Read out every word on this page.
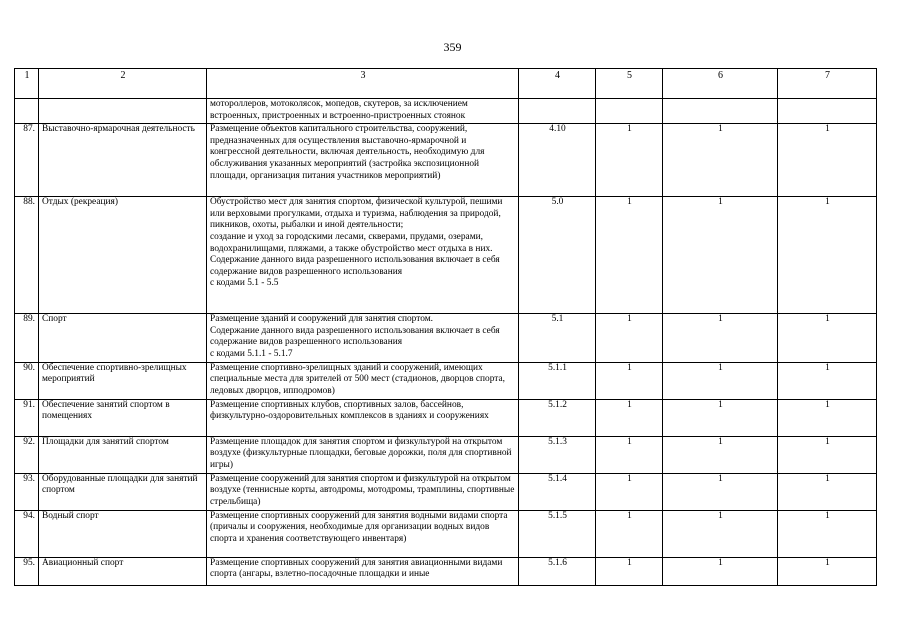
359
1	2	3	4	5	6	7

		мотороллеров, мотоколясок, мопедов, скутеров, за исключением встроенных, пристроенных и встроенно-пристроенных стоянок				

87.	Выставочно-ярмарочная деятельность	Размещение объектов капитального строительства, сооружений, предназначенных для осуществления выставочно-ярмарочной и конгрессной деятельности, включая деятельность, необходимую для обслуживания указанных мероприятий (застройка экспозиционной площади, организация питания участников мероприятий)	4.10	1	1	1
88.	Отдых (рекреация)	Обустройство мест для занятия спортом, физической культурой, пешими или верховыми прогулками, отдыха и туризма, наблюдения за природой, пикников, охоты, рыбалки и иной деятельности;
создание и уход за городскими лесами, скверами, прудами, озерами, водохранилищами, пляжами, а также обустройство мест отдыха в них.
Содержание данного вида разрешенного использования включает в себя содержание видов разрешенного использования
с кодами 5.1 - 5.5	5.0	1	1	1
89.	Спорт	Размещение зданий и сооружений для занятия спортом.
Содержание данного вида разрешенного использования включает в себя содержание видов разрешенного использования
с кодами 5.1.1 - 5.1.7	5.1	1	1	1
90.	Обеспечение спортивно-зрелищных мероприятий	Размещение спортивно-зрелищных зданий и сооружений, имеющих специальные места для зрителей от 500 мест (стадионов, дворцов спорта, ледовых дворцов, ипподромов)	5.1.1	1	1	1
91.	Обеспечение занятий спортом в помещениях	Размещение спортивных клубов, спортивных залов, бассейнов, физкультурно-оздоровительных комплексов в зданиях и сооружениях	5.1.2	1	1	1
92.	Площадки для занятий спортом	Размещение площадок для занятия спортом и физкультурой на открытом воздухе (физкультурные площадки, беговые дорожки, поля для спортивной игры)	5.1.3	1	1	1
93.	Оборудованные площадки для занятий спортом	Размещение сооружений для занятия спортом и физкультурой на открытом воздухе (теннисные корты, автодромы, мотодромы, трамплины, спортивные стрельбища)	5.1.4	1	1	1
94.	Водный спорт	Размещение спортивных сооружений для занятия водными видами спорта (причалы и сооружения, необходимые для организации водных видов спорта и хранения соответствующего инвентаря)	5.1.5	1	1	1
95.	Авиационный спорт	Размещение спортивных сооружений для занятия авиационными видами спорта (ангары, взлетно-посадочные площадки и иные	5.1.6	1	1	1
